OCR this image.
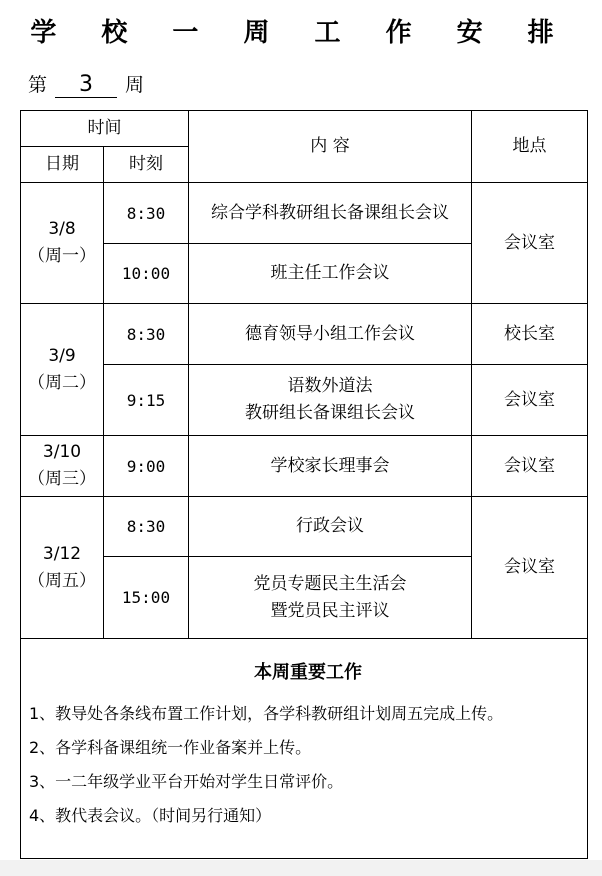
学 校 一 周 工 作 安 排
第 3 周
时间		内 容	地点
日期	时刻		

3/8
（周一）	8:30	综合学科教研组长备课组长会议	会议室
	10:00	班主任工作会议	

3/9
（周二）	8:30	德育领导小组工作会议	校长室
	9:15	语数外道法
教研组长备课组长会议	会议室

3/10
（周三）	9:00	学校家长理事会	会议室

3/12
（周五）	8:30	行政会议	会议室
	15:00	党员专题民主生活会
暨党员民主评议	

本周重要工作
1、教导处各条线布置工作计划，各学科教研组计划周五完成上传。
2、各学科备课组统一作业备案并上传。
3、一二年级学业平台开始对学生日常评价。
4、教代表会议。（时间另行通知）			
